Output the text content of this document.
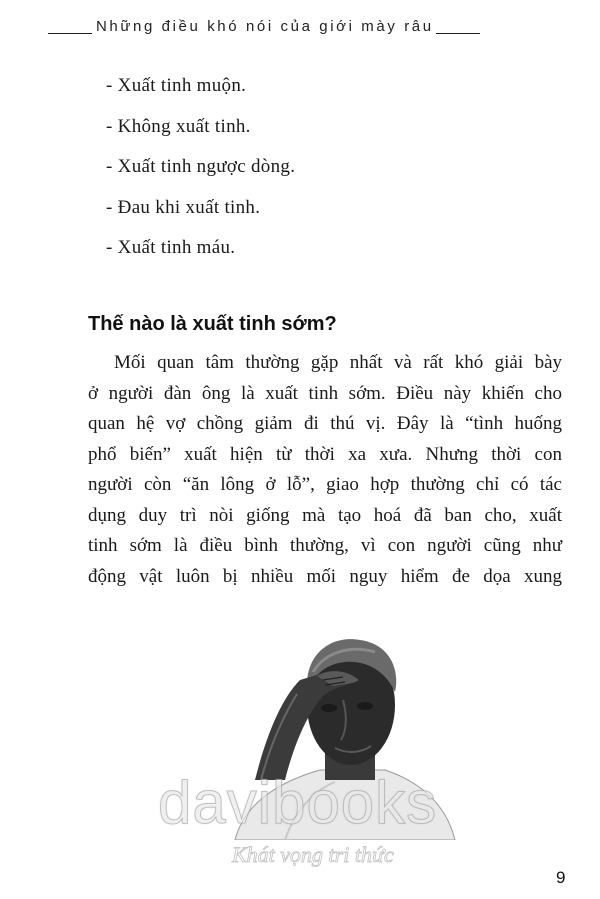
Những điều khó nói của giới mày râu
- Xuất tinh muộn.
- Không xuất tinh.
- Xuất tinh ngược dòng.
- Đau khi xuất tinh.
- Xuất tinh máu.
Thế nào là xuất tinh sớm?

Mối quan tâm thường gặp nhất và rất khó giải bày
ở người đàn ông là xuất tinh sớm. Điều này khiến cho
quan hệ vợ chồng giảm đi thú vị. Đây là “tình huống
phổ biến” xuất hiện từ thời xa xưa. Nhưng thời con
người còn “ăn lông ở lỗ”, giao hợp thường chỉ có tác
dụng duy trì nòi giống mà tạo hoá đã ban cho, xuất
tinh sớm là điều bình thường, vì con người cũng như
động vật luôn bị nhiều mối nguy hiểm đe dọa xung

davibooks
Khát vọng tri thức
9
